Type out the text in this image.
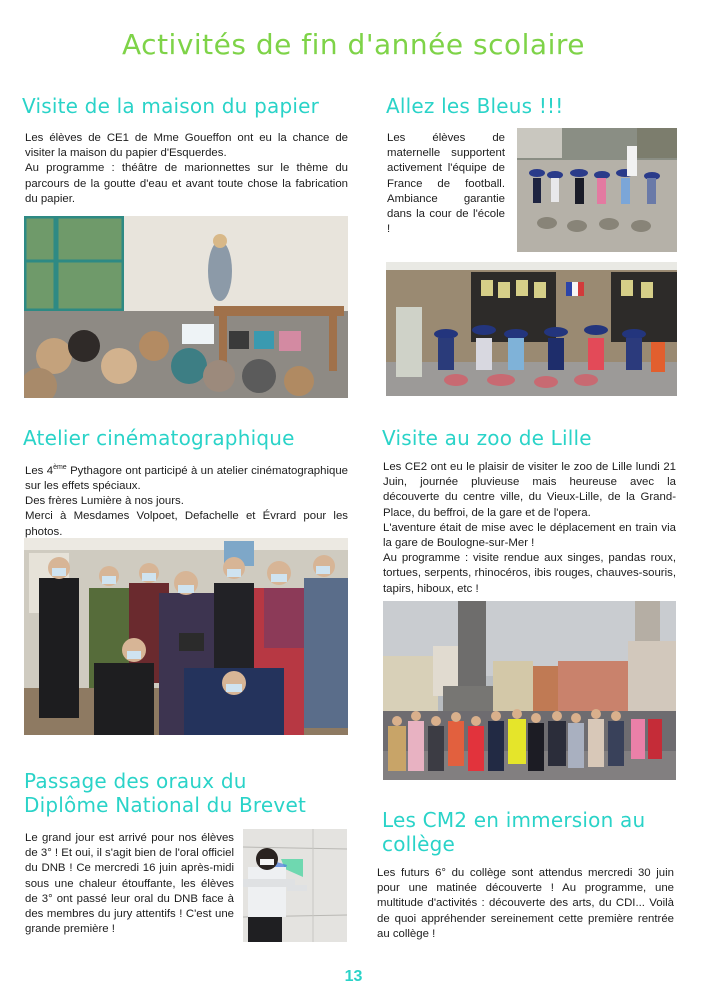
Activités de fin d'année scolaire
Visite de la maison du papier
Les élèves de CE1 de Mme Goueffon ont eu la chance de visiter la maison du papier d'Esquerdes.
Au programme : théâtre de marionnettes sur le thème du parcours de la goutte d'eau et avant toute chose la fabrication du papier.
Allez les Bleus !!!
Les élèves de maternelle supportent activement l'équipe de France de football. Ambiance garantie dans la cour de l'école !
Atelier cinématographique
Les 4ème Pythagore ont participé à un atelier cinématographique sur les effets spéciaux.
Des frères Lumière à nos jours.
Merci à Mesdames Volpoet, Defachelle et Évrard pour les photos.
Visite au zoo de Lille
Les CE2 ont eu le plaisir de visiter le zoo de Lille lundi 21 Juin, journée pluvieuse mais heureuse avec la découverte du centre ville, du Vieux-Lille, de la Grand-Place, du beffroi, de la gare et de l'opera.
L'aventure était de mise avec le déplacement en train via la gare de Boulogne-sur-Mer !
Au programme : visite rendue aux singes, pandas roux, tortues, serpents, rhinocéros, ibis rouges, chauves-souris, tapirs, hiboux, etc !
Passage des oraux du
Diplôme National du Brevet
Le grand jour est arrivé pour nos élèves de 3° ! Et oui, il s'agit bien de l'oral officiel du DNB ! Ce mercredi 16 juin après-midi sous une chaleur étouffante, les élèves de 3° ont passé leur oral du DNB face à des membres du jury attentifs ! C'est une grande première !
Les CM2 en immersion au
collège
Les futurs 6° du collège sont attendus mercredi 30 juin pour une matinée découverte ! Au programme, une multitude d'activités : découverte des arts, du CDI... Voilà de quoi appréhender sereinement cette première rentrée au collège !
13
